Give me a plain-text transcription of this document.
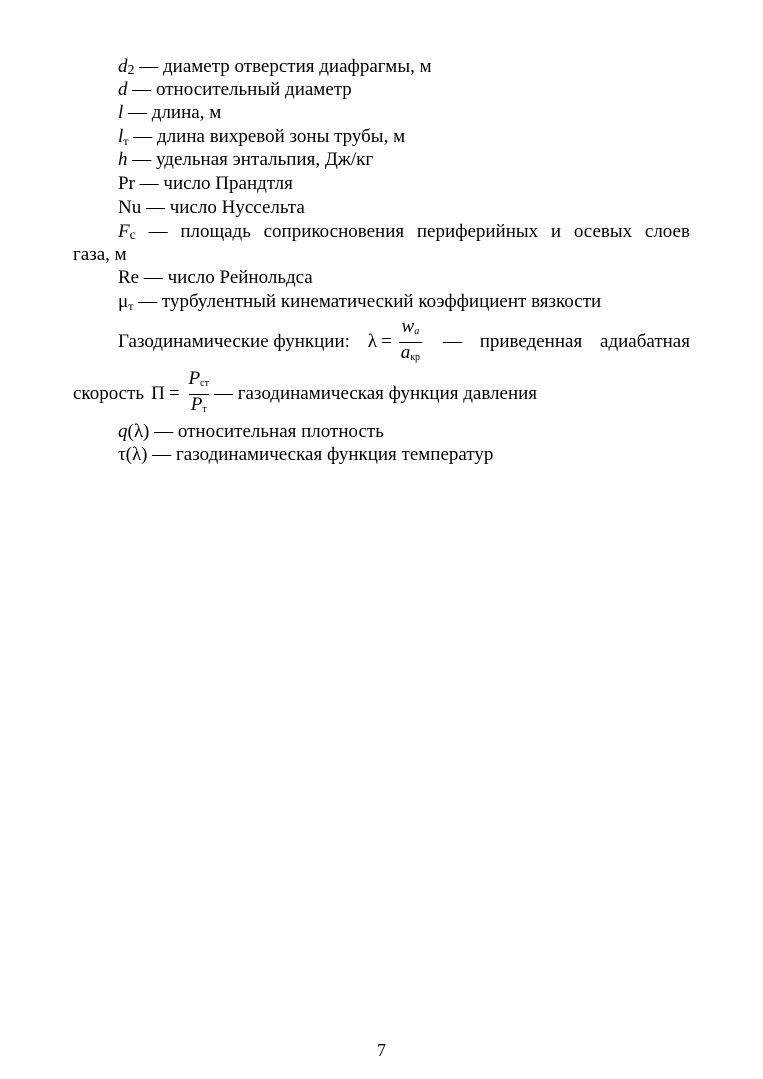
d2 — диаметр отверстия диафрагмы, м
d — относительный диаметр
l — длина, м
$l_т$ — длина вихревой зоны трубы, м
h — удельная энтальпия, Дж/кг
Pr — число Прандтля
Nu — число Нуссельта
Fс — площадь соприкосновения периферийных и осевых слоев
газа, м
Re — число Рейнольдса
$\mu_т$ — турбулентный кинематический коэффициент вязкости
Газодинамические функции: $\lambda = \frac{wa}{\text{aкр}}$ — приведенная адиабатная
скорость $\Pi = \frac{\text{Pст}}{Pт}$ — газодинамическая функция давления
q(λ) — относительная плотность
τ(λ) — газодинамическая функция температур
7
